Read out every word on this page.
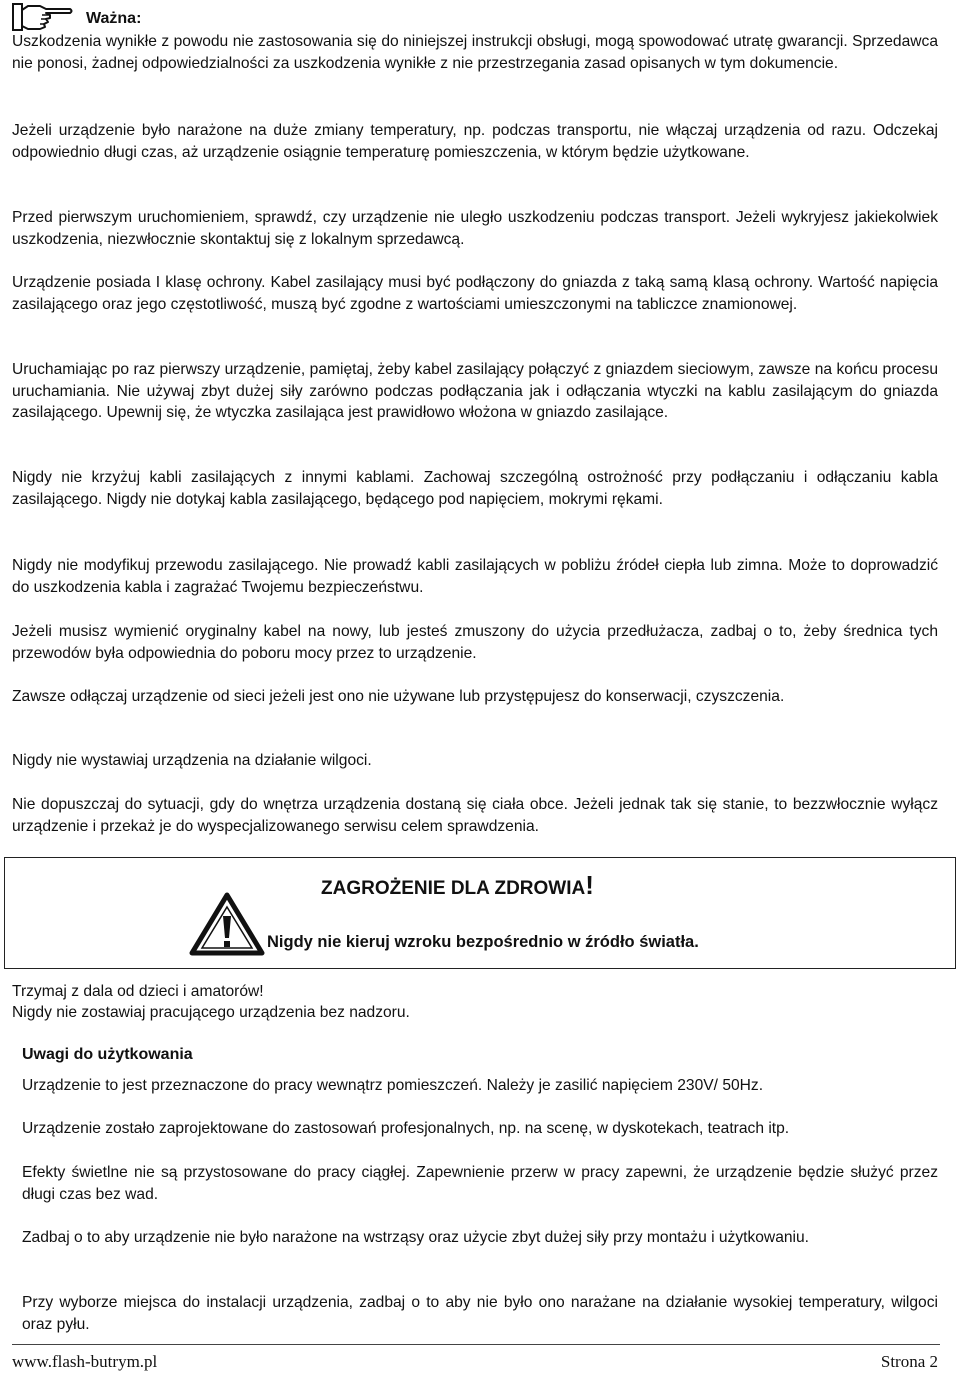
Ważna:

Uszkodzenia wynikłe z powodu nie zastosowania się do niniejszej instrukcji obsługi, mogą spowodować utratę gwarancji. Sprzedawca nie ponosi, żadnej odpowiedzialności za uszkodzenia wynikłe z nie przestrzegania zasad opisanych w tym dokumencie.

Jeżeli urządzenie było narażone na duże zmiany temperatury, np. podczas transportu, nie włączaj urządzenia od razu. Odczekaj odpowiednio długi czas, aż urządzenie osiągnie temperaturę pomieszczenia, w którym będzie użytkowane.

Przed pierwszym uruchomieniem, sprawdź, czy urządzenie nie uległo uszkodzeniu podczas transport. Jeżeli wykryjesz jakiekolwiek uszkodzenia, niezwłocznie skontaktuj się z lokalnym sprzedawcą.

Urządzenie posiada I klasę ochrony. Kabel zasilający musi być podłączony do gniazda z taką samą klasą ochrony. Wartość napięcia zasilającego oraz jego częstotliwość, muszą być zgodne z wartościami umieszczonymi na tabliczce znamionowej.

Uruchamiając po raz pierwszy urządzenie, pamiętaj, żeby kabel zasilający połączyć z gniazdem sieciowym, zawsze na końcu procesu uruchamiania. Nie używaj zbyt dużej siły zarówno podczas podłączania jak i odłączania wtyczki na kablu zasilającym do gniazda zasilającego. Upewnij się, że wtyczka zasilająca jest prawidłowo włożona w gniazdo zasilające.

Nigdy nie krzyżuj kabli zasilających z innymi kablami. Zachowaj szczególną ostrożność przy podłączaniu i odłączaniu kabla zasilającego. Nigdy nie dotykaj kabla zasilającego, będącego pod napięciem, mokrymi rękami.

Nigdy nie modyfikuj przewodu zasilającego. Nie prowadź kabli zasilających w pobliżu źródeł ciepła lub zimna. Może to doprowadzić do uszkodzenia kabla i zagrażać Twojemu bezpieczeństwu.

Jeżeli musisz wymienić oryginalny kabel na nowy, lub jesteś zmuszony do użycia przedłużacza, zadbaj o to, żeby średnica tych przewodów była odpowiednia do poboru mocy przez to urządzenie.

Zawsze odłączaj urządzenie od sieci jeżeli jest ono nie używane lub przystępujesz do konserwacji, czyszczenia.

Nigdy nie wystawiaj urządzenia na działanie wilgoci.

Nie dopuszczaj do sytuacji, gdy do wnętrza urządzenia dostaną się ciała obce. Jeżeli jednak tak się stanie, to bezzwłocznie wyłącz urządzenie i przekaż je do wyspecjalizowanego serwisu celem sprawdzenia.

ZAGROŻENIE DLA ZDROWIA!
Nigdy nie kieruj wzroku bezpośrednio w źródło światła.

Trzymaj z dala od dzieci i amatorów!

Nigdy nie zostawiaj pracującego urządzenia bez nadzoru.

Uwagi do użytkowania

Urządzenie to jest przeznaczone do pracy wewnątrz pomieszczeń. Należy je zasilić napięciem 230V/ 50Hz.

Urządzenie zostało zaprojektowane do zastosowań profesjonalnych, np. na scenę, w dyskotekach, teatrach itp.

Efekty świetlne nie są przystosowane do pracy ciągłej. Zapewnienie przerw w pracy zapewni, że urządzenie będzie służyć przez długi czas bez wad.

Zadbaj o to aby urządzenie nie było narażone na wstrząsy oraz użycie zbyt dużej siły przy montażu i użytkowaniu.

Przy wyborze miejsca do instalacji urządzenia, zadbaj o to aby nie było ono narażane na działanie wysokiej temperatury, wilgoci oraz pyłu.

www.flash-butrym.pl	Strona 2
